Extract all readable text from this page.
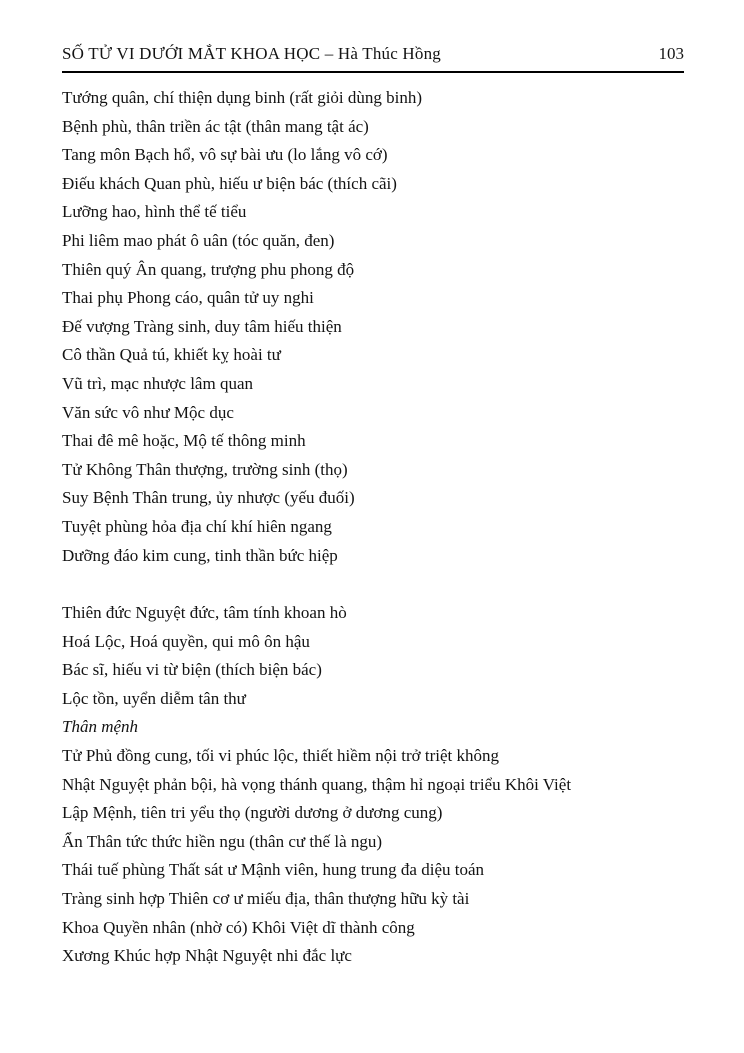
SỐ TỬ VI DƯỚI MẮT KHOA HỌC – Hà Thúc Hồng	103
Tướng quân, chí thiện dụng binh (rất giỏi dùng binh)
Bệnh phù, thân triền ác tật (thân mang tật ác)
Tang môn Bạch hổ, vô sự bài ưu (lo lắng vô cớ)
Điếu khách Quan phù, hiếu ư biện bác (thích cãi)
Lưỡng hao, hình thể tế tiểu
Phi liêm mao phát ô uân (tóc quăn, đen)
Thiên quý Ân quang, trượng phu phong độ
Thai phụ Phong cáo, quân tử uy nghi
Đế vượng Tràng sinh, duy tâm hiếu thiện
Cô thần Quả tú, khiết kỵ hoài tư
Vũ trì, mạc nhược lâm quan
Văn sức vô như Mộc dục
Thai đê mê hoặc, Mộ tế thông minh
Tử Không Thân thượng, trường sinh (thọ)
Suy Bệnh Thân trung, ủy nhược (yếu đuối)
Tuyệt phùng hỏa địa chí khí hiên ngang
Dưỡng đáo kim cung, tinh thần bức hiệp
Thiên đức Nguyệt đức, tâm tính khoan hò
Hoá Lộc, Hoá quyền, qui mô ôn hậu
Bác sĩ, hiếu vi từ biện (thích biện bác)
Lộc tồn, uyển diễm tân thư
Thân mệnh
Tử Phủ đồng cung, tối vi phúc lộc, thiết hiềm nội trở triệt không
Nhật Nguyệt phản bội, hà vọng thánh quang, thậm hỉ ngoại triểu Khôi Việt
Lập Mệnh, tiên tri yểu thọ (người dương ở dương cung)
Ẩn Thân tức thức hiền ngu (thân cư thế là ngu)
Thái tuế phùng Thất sát ư Mậnh viên, hung trung đa diệu toán
Tràng sinh hợp Thiên cơ ư miếu địa, thân thượng hữu kỳ tài
Khoa Quyền nhân (nhờ có) Khôi Việt dĩ thành công
Xương Khúc hợp Nhật Nguyệt nhi đắc lực
